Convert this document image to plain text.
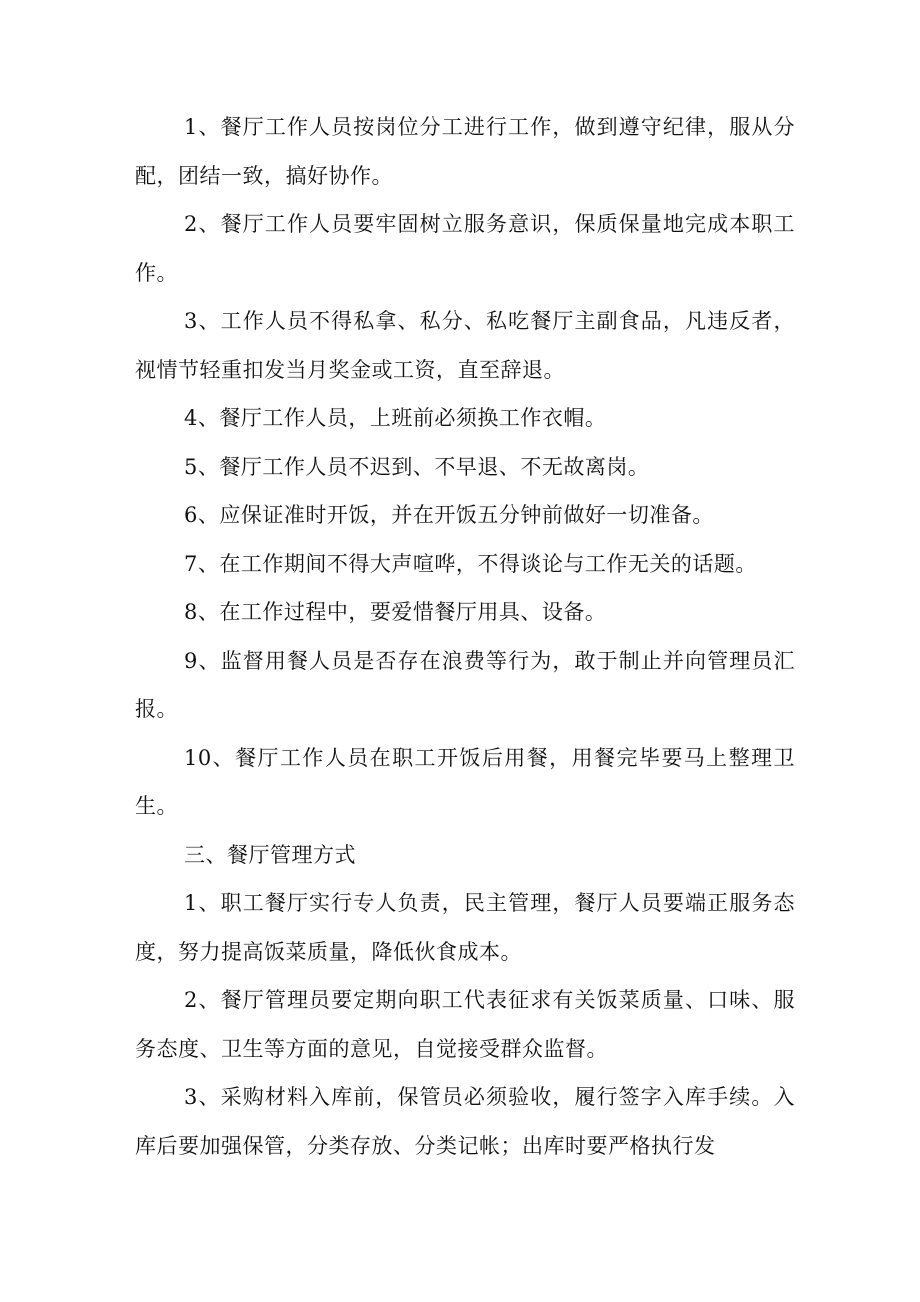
1、餐厅工作人员按岗位分工进行工作，做到遵守纪律，服从分配，团结一致，搞好协作。

2、餐厅工作人员要牢固树立服务意识，保质保量地完成本职工作。

3、工作人员不得私拿、私分、私吃餐厅主副食品，凡违反者，视情节轻重扣发当月奖金或工资，直至辞退。

4、餐厅工作人员，上班前必须换工作衣帽。

5、餐厅工作人员不迟到、不早退、不无故离岗。

6、应保证准时开饭，并在开饭五分钟前做好一切准备。

7、在工作期间不得大声喧哗，不得谈论与工作无关的话题。

8、在工作过程中，要爱惜餐厅用具、设备。

9、监督用餐人员是否存在浪费等行为，敢于制止并向管理员汇报。

10、餐厅工作人员在职工开饭后用餐，用餐完毕要马上整理卫生。

三、餐厅管理方式

1、职工餐厅实行专人负责，民主管理，餐厅人员要端正服务态度，努力提高饭菜质量，降低伙食成本。

2、餐厅管理员要定期向职工代表征求有关饭菜质量、口味、服务态度、卫生等方面的意见，自觉接受群众监督。

3、采购材料入库前，保管员必须验收，履行签字入库手续。入库后要加强保管，分类存放、分类记帐；出库时要严格执行发
